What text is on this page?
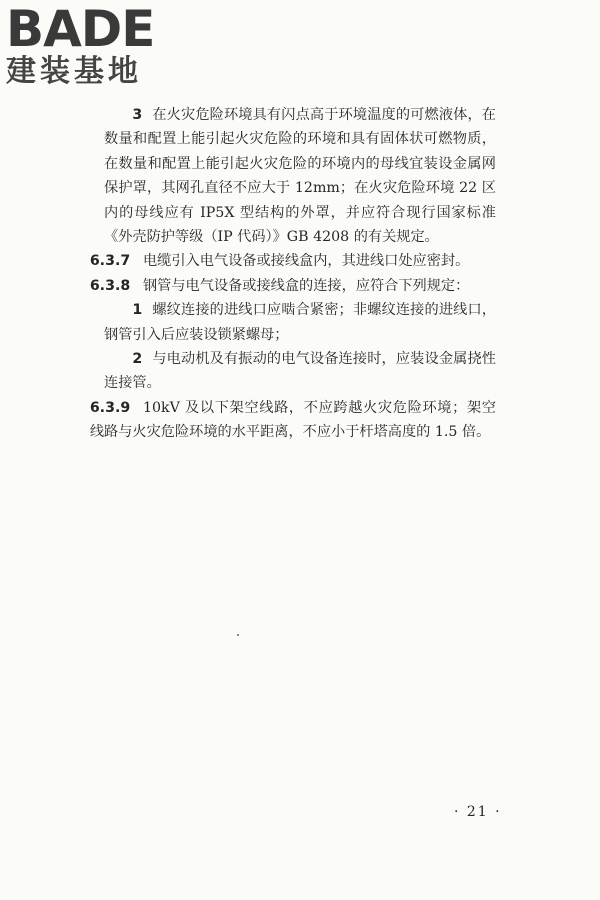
BADE
建装基地

3 在火灾危险环境具有闪点高于环境温度的可燃液体，在数量和配置上能引起火灾危险的环境和具有固体状可燃物质，在数量和配置上能引起火灾危险的环境内的母线宜装设金属网保护罩，其网孔直径不应大于 12mm；在火灾危险环境 22 区内的母线应有 IP5X 型结构的外罩，并应符合现行国家标准《外壳防护等级（IP 代码）》GB 4208 的有关规定。

6.3.7 电缆引入电气设备或接线盒内，其进线口处应密封。

6.3.8 钢管与电气设备或接线盒的连接，应符合下列规定：

1 螺纹连接的进线口应啮合紧密；非螺纹连接的进线口，钢管引入后应装设锁紧螺母；

2 与电动机及有振动的电气设备连接时，应装设金属挠性连接管。

6.3.9 10kV 及以下架空线路，不应跨越火灾危险环境；架空线路与火灾危险环境的水平距离，不应小于杆塔高度的 1.5 倍。

· 21 ·
